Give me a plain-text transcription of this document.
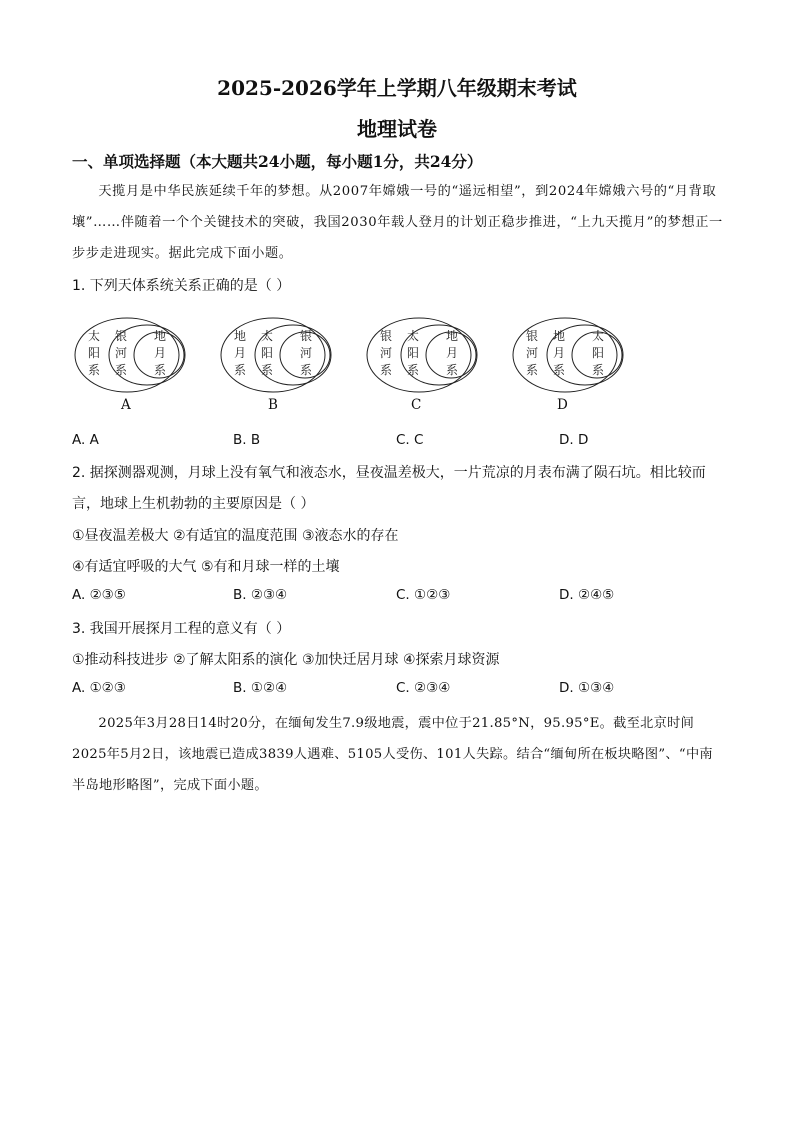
2025-2026学年上学期八年级期末考试
地理试卷
一、单项选择题（本大题共24小题，每小题1分，共24分）
天揽月是中华民族延续千年的梦想。从2007年嫦娥一号的“遥远相望”，到2024年嫦娥六号的“月背取壤”……伴随着一个个关键技术的突破，我国2030年载人登月的计划正稳步推进，“上九天揽月”的梦想正一步步走进现实。据此完成下面小题。
1. 下列天体系统关系正确的是（ ）
太
阳
系
银
河
系
地
月
系
地
月
系
太
阳
系
银
河
系
银
河
系
太
阳
系
地
月
系
银
河
系
地
月
系
太
阳
系
A	B	C	D
A. A	B. B	C. C	D. D
2. 据探测器观测，月球上没有氧气和液态水，昼夜温差极大，一片荒凉的月表布满了陨石坑。相比较而
言，地球上生机勃勃的主要原因是（ ）
①昼夜温差极大 ②有适宜的温度范围 ③液态水的存在
④有适宜呼吸的大气 ⑤有和月球一样的土壤
A. ②③⑤	B. ②③④	C. ①②③	D. ②④⑤
3. 我国开展探月工程的意义有（ ）
①推动科技进步 ②了解太阳系的演化 ③加快迁居月球 ④探索月球资源
A. ①②③	B. ①②④	C. ②③④	D. ①③④
2025年3月28日14时20分，在缅甸发生7.9级地震，震中位于21.85°N，95.95°E。截至北京时间2025年5月2日，该地震已造成3839人遇难、5105人受伤、101人失踪。结合“缅甸所在板块略图”、“中南半岛地形略图”，完成下面小题。
